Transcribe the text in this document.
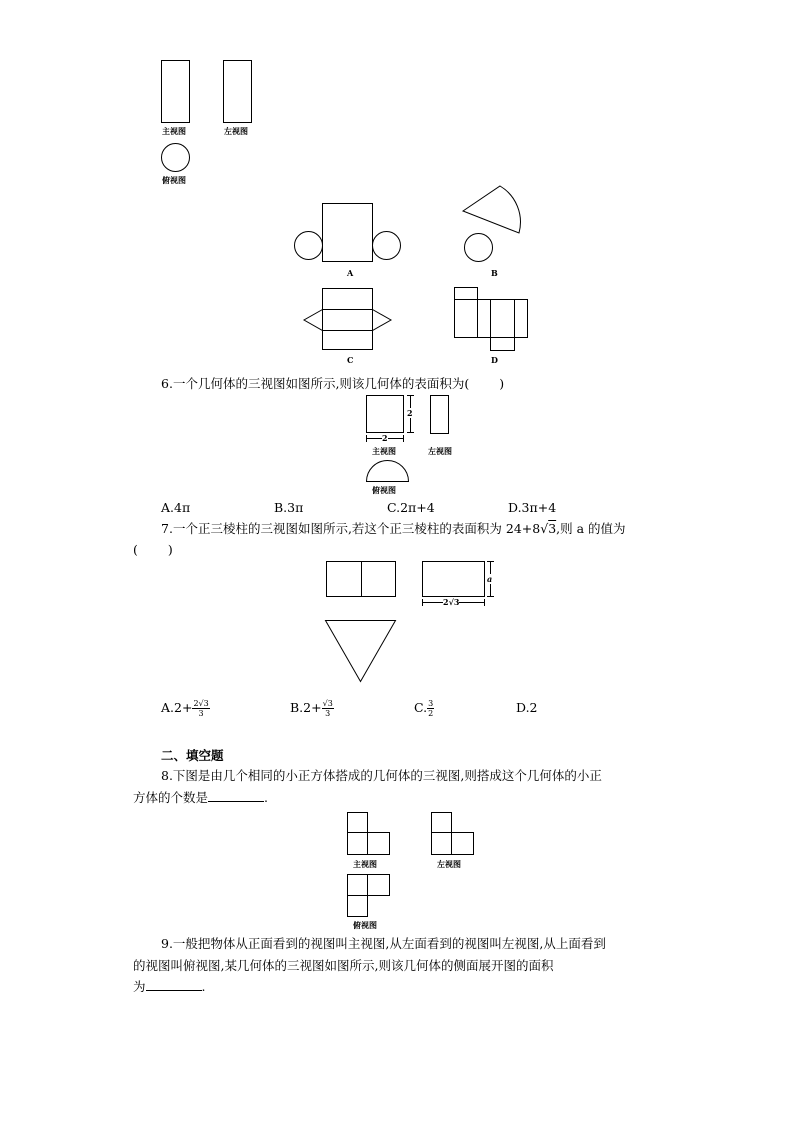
主视图	左视图
俯视图
A	B
C	D
6.一个几何体的三视图如图所示,则该几何体的表面积为( )
2
2
主视图	左视图
俯视图
A.4π	B.3π	C.2π+4	D.3π+4
7.一个正三棱柱的三视图如图所示,若这个正三棱柱的表面积为 24+8√3,则 a 的值为
( )
a
2√3
$A.2+ \frac{2√3}{3}$	$B.2+ \frac{√3}{3}$	C. $\frac{3}{2}$	D.2
二、填空题
8.下图是由几个相同的小正方体搭成的几何体的三视图,则搭成这个几何体的小正
方体的个数是	.
主视图	左视图
俯视图
9.一般把物体从正面看到的视图叫主视图,从左面看到的视图叫左视图,从上面看到
的视图叫俯视图,某几何体的三视图如图所示,则该几何体的侧面展开图的面积
为	.
